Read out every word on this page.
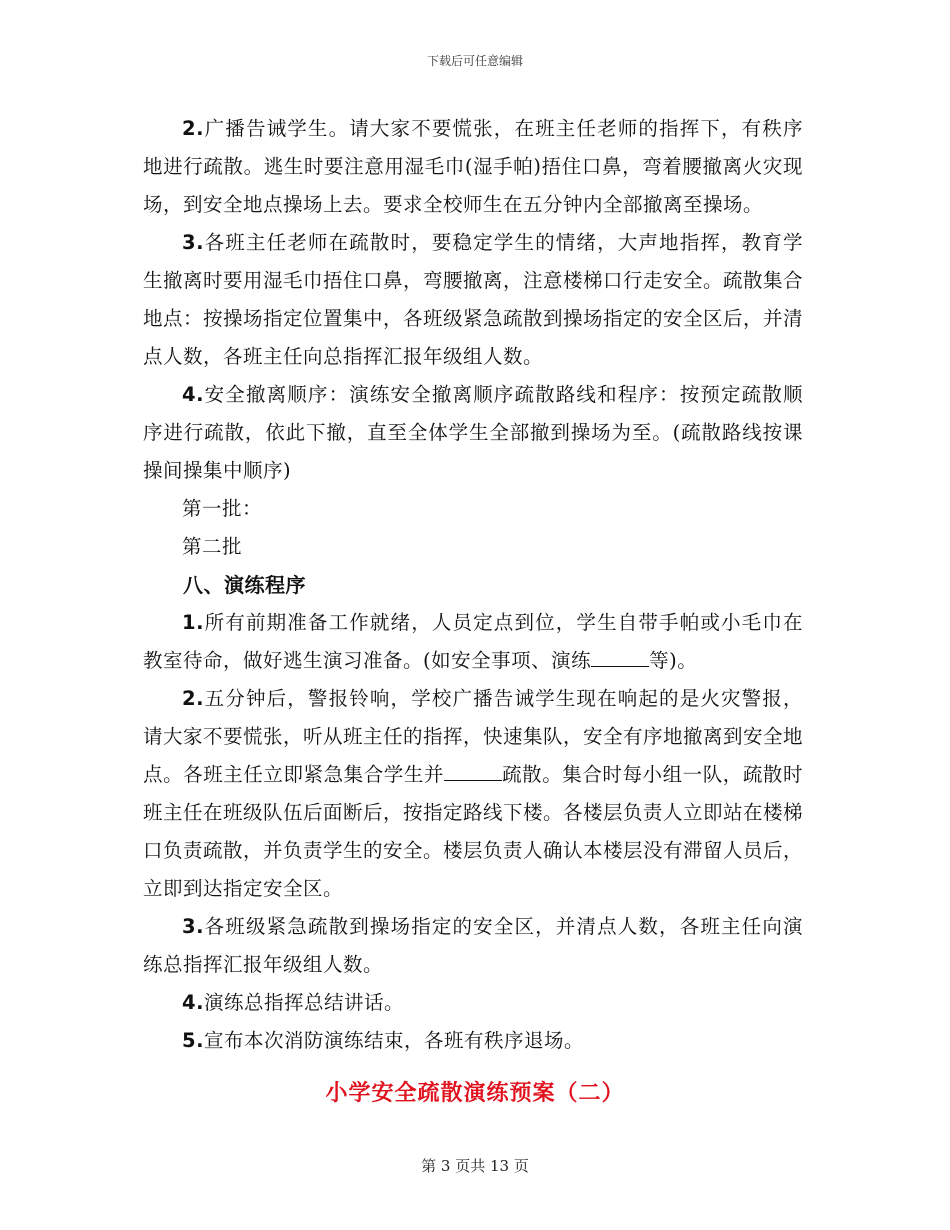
下载后可任意编辑

2.广播告诫学生。请大家不要慌张，在班主任老师的指挥下，有秩序地进行疏散。逃生时要注意用湿毛巾(湿手帕)捂住口鼻，弯着腰撤离火灾现场，到安全地点操场上去。要求全校师生在五分钟内全部撤离至操场。

3.各班主任老师在疏散时，要稳定学生的情绪，大声地指挥，教育学生撤离时要用湿毛巾捂住口鼻，弯腰撤离，注意楼梯口行走安全。疏散集合地点：按操场指定位置集中，各班级紧急疏散到操场指定的安全区后，并清点人数，各班主任向总指挥汇报年级组人数。

4.安全撤离顺序：演练安全撤离顺序疏散路线和程序：按预定疏散顺序进行疏散，依此下撤，直至全体学生全部撤到操场为至。(疏散路线按课操间操集中顺序)

第一批：

第二批

八、演练程序

1.所有前期准备工作就绪，人员定点到位，学生自带手帕或小毛巾在教室待命，做好逃生演习准备。(如安全事项、演练	等)。

2.五分钟后，警报铃响，学校广播告诫学生现在响起的是火灾警报，请大家不要慌张，听从班主任的指挥，快速集队，安全有序地撤离到安全地点。各班主任立即紧急集合学生并	疏散。集合时每小组一队，疏散时班主任在班级队伍后面断后，按指定路线下楼。各楼层负责人立即站在楼梯口负责疏散，并负责学生的安全。楼层负责人确认本楼层没有滞留人员后，立即到达指定安全区。

3.各班级紧急疏散到操场指定的安全区，并清点人数，各班主任向演练总指挥汇报年级组人数。

4.演练总指挥总结讲话。

5.宣布本次消防演练结束，各班有秩序退场。

小学安全疏散演练预案（二）
第 3 页共 13 页
